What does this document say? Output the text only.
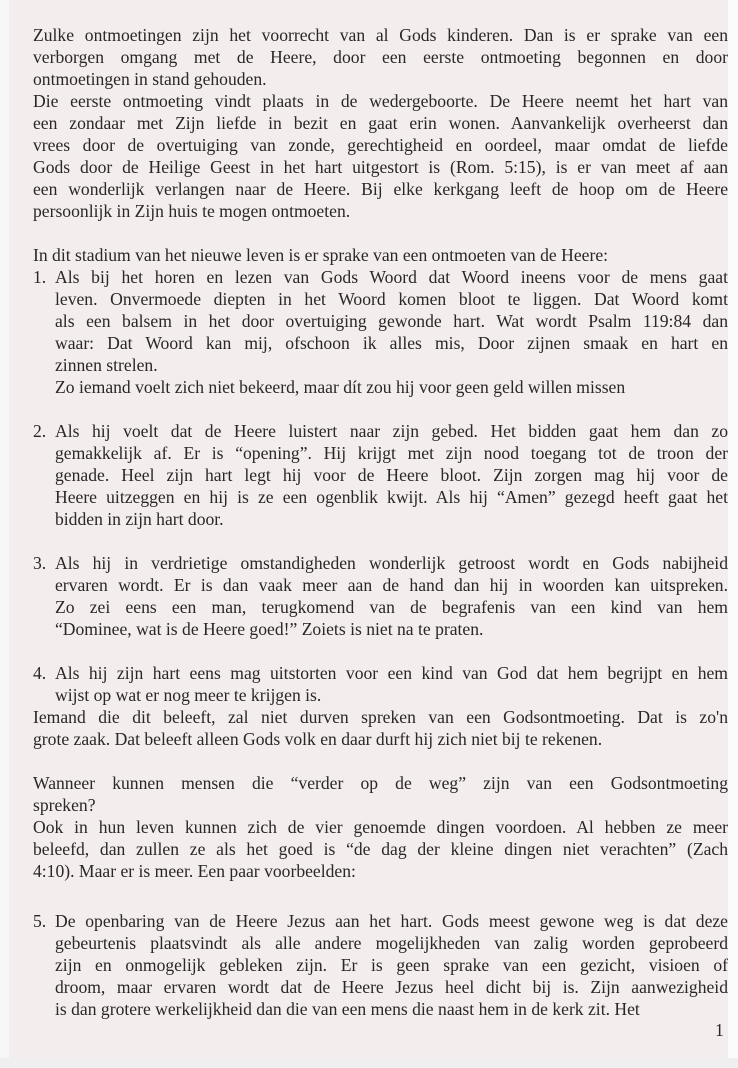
Zulke ontmoetingen zijn het voorrecht van al Gods kinderen. Dan is er sprake van een
verborgen omgang met de Heere, door een eerste ontmoeting begonnen en door
ontmoetingen in stand gehouden.
Die eerste ontmoeting vindt plaats in de wedergeboorte. De Heere neemt het hart van
een zondaar met Zijn liefde in bezit en gaat erin wonen. Aanvankelijk overheerst dan
vrees door de overtuiging van zonde, gerechtigheid en oordeel, maar omdat de liefde
Gods door de Heilige Geest in het hart uitgestort is (Rom. 5:15), is er van meet af aan
een wonderlijk verlangen naar de Heere. Bij elke kerkgang leeft de hoop om de Heere
persoonlijk in Zijn huis te mogen ontmoeten.
In dit stadium van het nieuwe leven is er sprake van een ontmoeten van de Heere:
1. Als bij het horen en lezen van Gods Woord dat Woord ineens voor de mens gaat
leven. Onvermoede diepten in het Woord komen bloot te liggen. Dat Woord komt
als een balsem in het door overtuiging gewonde hart. Wat wordt Psalm 119:84 dan
waar: Dat Woord kan mij, ofschoon ik alles mis, Door zijnen smaak en hart en
zinnen strelen.
Zo iemand voelt zich niet bekeerd, maar dít zou hij voor geen geld willen missen
2. Als hij voelt dat de Heere luistert naar zijn gebed. Het bidden gaat hem dan zo
gemakkelijk af. Er is “opening”. Hij krijgt met zijn nood toegang tot de troon der
genade. Heel zijn hart legt hij voor de Heere bloot. Zijn zorgen mag hij voor de
Heere uitzeggen en hij is ze een ogenblik kwijt. Als hij “Amen” gezegd heeft gaat het
bidden in zijn hart door.
3. Als hij in verdrietige omstandigheden wonderlijk getroost wordt en Gods nabijheid
ervaren wordt. Er is dan vaak meer aan de hand dan hij in woorden kan uitspreken.
Zo zei eens een man, terugkomend van de begrafenis van een kind van hem
“Dominee, wat is de Heere goed!” Zoiets is niet na te praten.
4. Als hij zijn hart eens mag uitstorten voor een kind van God dat hem begrijpt en hem
wijst op wat er nog meer te krijgen is.
Iemand die dit beleeft, zal niet durven spreken van een Godsontmoeting. Dat is zo'n
grote zaak. Dat beleeft alleen Gods volk en daar durft hij zich niet bij te rekenen.
Wanneer kunnen mensen die “verder op de weg” zijn van een Godsontmoeting
spreken?
Ook in hun leven kunnen zich de vier genoemde dingen voordoen. Al hebben ze meer
beleefd, dan zullen ze als het goed is “de dag der kleine dingen niet verachten” (Zach
4:10). Maar er is meer. Een paar voorbeelden:
5. De openbaring van de Heere Jezus aan het hart. Gods meest gewone weg is dat deze
gebeurtenis plaatsvindt als alle andere mogelijkheden van zalig worden geprobeerd
zijn en onmogelijk gebleken zijn. Er is geen sprake van een gezicht, visioen of
droom, maar ervaren wordt dat de Heere Jezus heel dicht bij is. Zijn aanwezigheid
is dan grotere werkelijkheid dan die van een mens die naast hem in de kerk zit. Het
1
